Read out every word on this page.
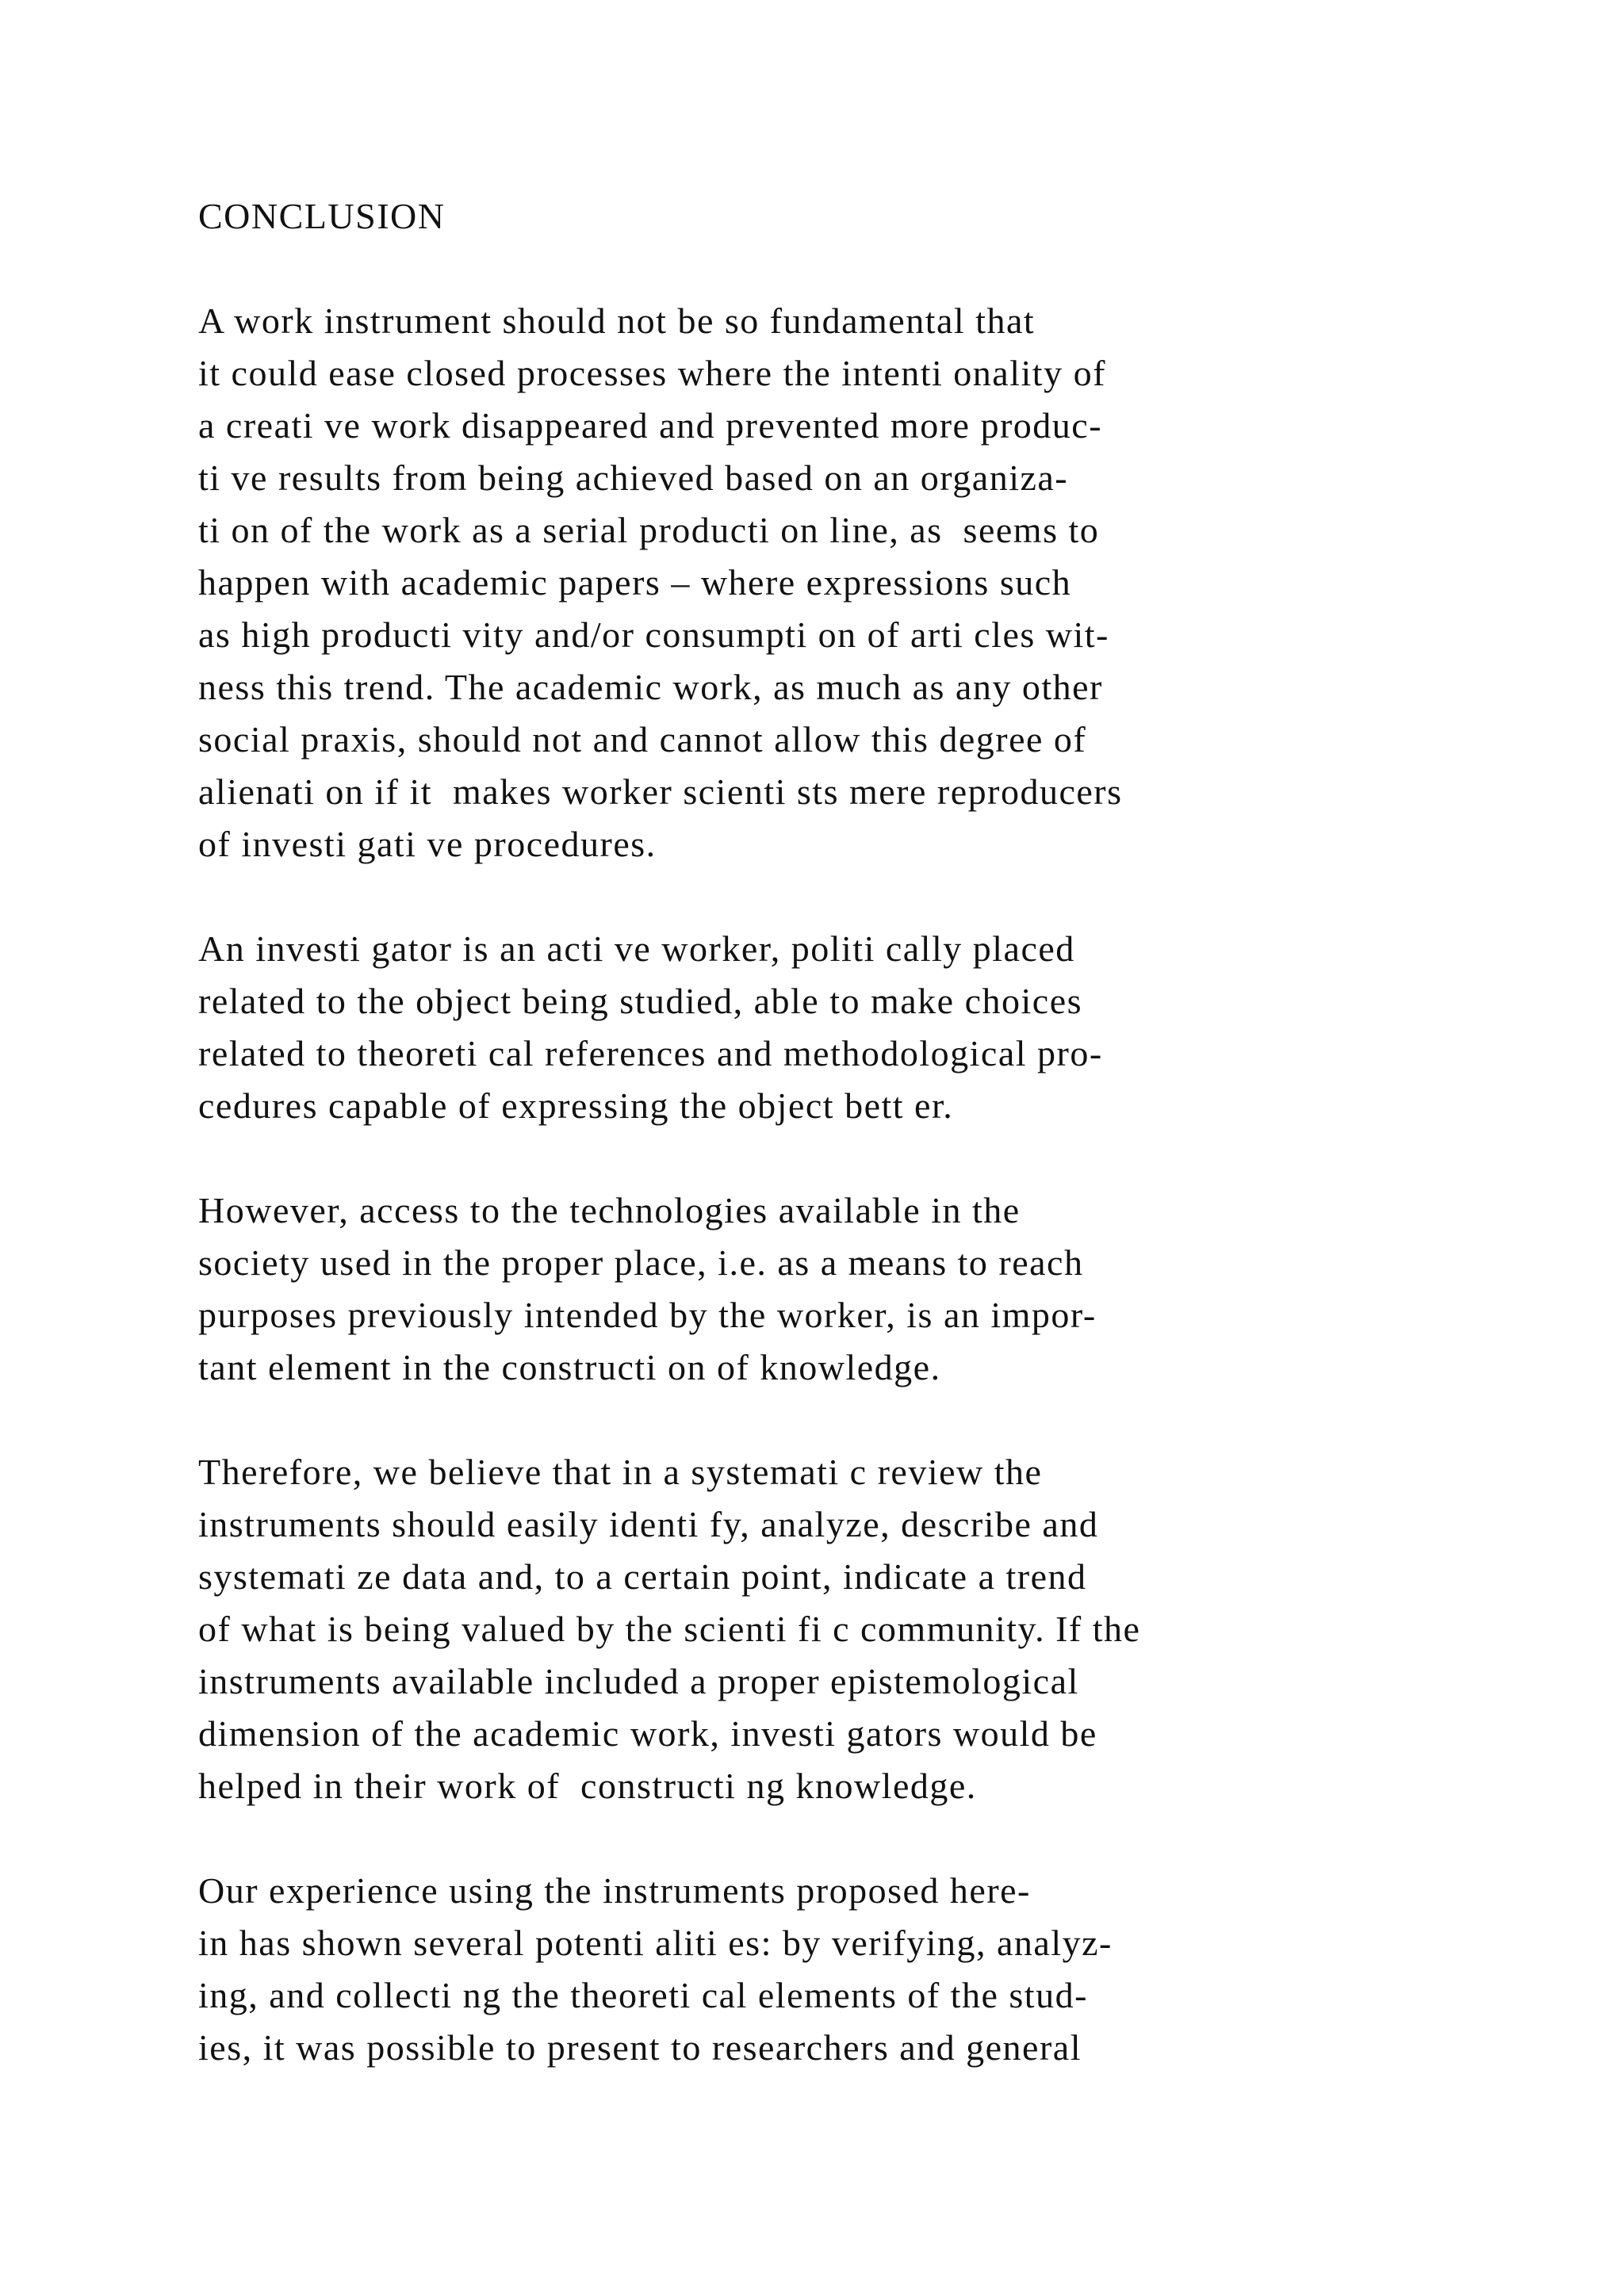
CONCLUSION
A work instrument should not be so fundamental that
it could ease closed processes where the intenti onality of
a creati ve work disappeared and prevented more produc-
ti ve results from being achieved based on an organiza-
ti on of the work as a serial producti on line, as  seems to
happen with academic papers – where expressions such
as high producti vity and/or consumpti on of arti cles wit-
ness this trend. The academic work, as much as any other
social praxis, should not and cannot allow this degree of
alienati on if it  makes worker scienti sts mere reproducers
of investi gati ve procedures.
An investi gator is an acti ve worker, politi cally placed
related to the object being studied, able to make choices
related to theoreti cal references and methodological pro-
cedures capable of expressing the object bett er.
However, access to the technologies available in the
society used in the proper place, i.e. as a means to reach
purposes previously intended by the worker, is an impor-
tant element in the constructi on of knowledge.
Therefore, we believe that in a systemati c review the
instruments should easily identi fy, analyze, describe and
systemati ze data and, to a certain point, indicate a trend
of what is being valued by the scienti fi c community. If the
instruments available included a proper epistemological
dimension of the academic work, investi gators would be
helped in their work of  constructi ng knowledge.
Our experience using the instruments proposed here-
in has shown several potenti aliti es: by verifying, analyz-
ing, and collecti ng the theoreti cal elements of the stud-
ies, it was possible to present to researchers and general
